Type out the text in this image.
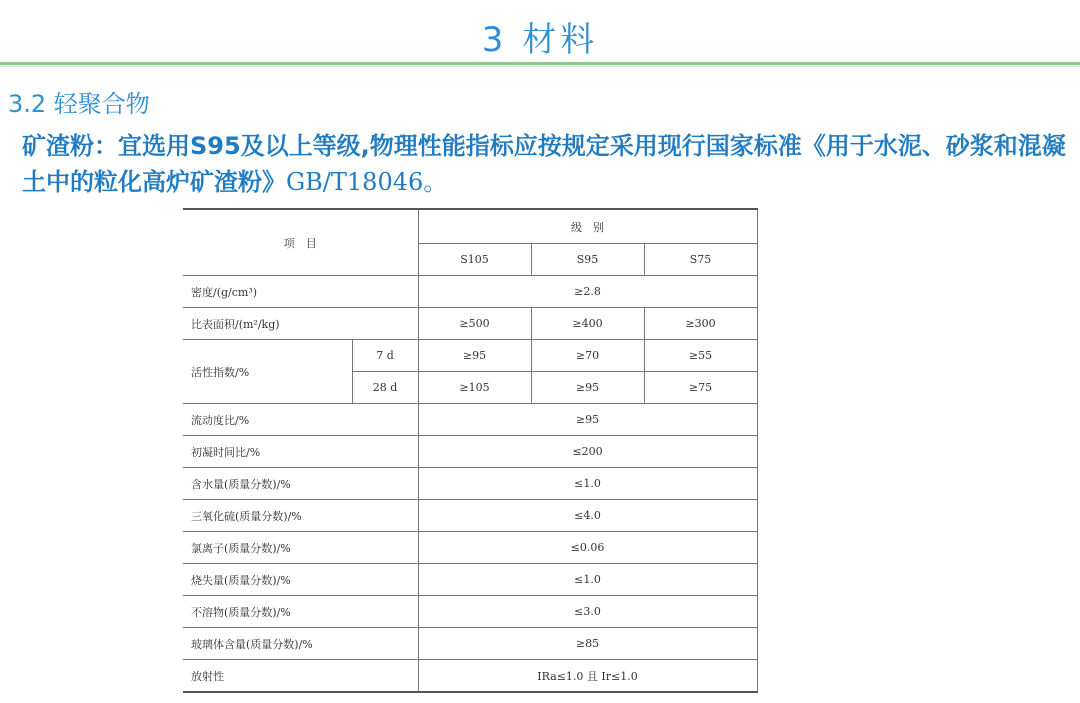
3 材料
3.2 轻聚合物
矿渣粉：宜选用S95及以上等级,物理性能指标应按规定采用现行国家标准《用于水泥、砂浆和混凝土中的粒化高炉矿渣粉》GB/T18046。
项　目		级　别		
		S105	S95	S75
密度/(g/cm³)		≥2.8		
比表面积/(m²/kg)		≥500	≥400	≥300
活性指数/%	7 d	≥95	≥70	≥55
	28 d	≥105	≥95	≥75
流动度比/%		≥95		
初凝时间比/%		≤200		
含水量(质量分数)/%		≤1.0		
三氧化硫(质量分数)/%		≤4.0		
氯离子(质量分数)/%		≤0.06		
烧失量(质量分数)/%		≤1.0		
不溶物(质量分数)/%		≤3.0		
玻璃体含量(质量分数)/%		≥85		
放射性		IRa≤1.0 且 Ir≤1.0		
